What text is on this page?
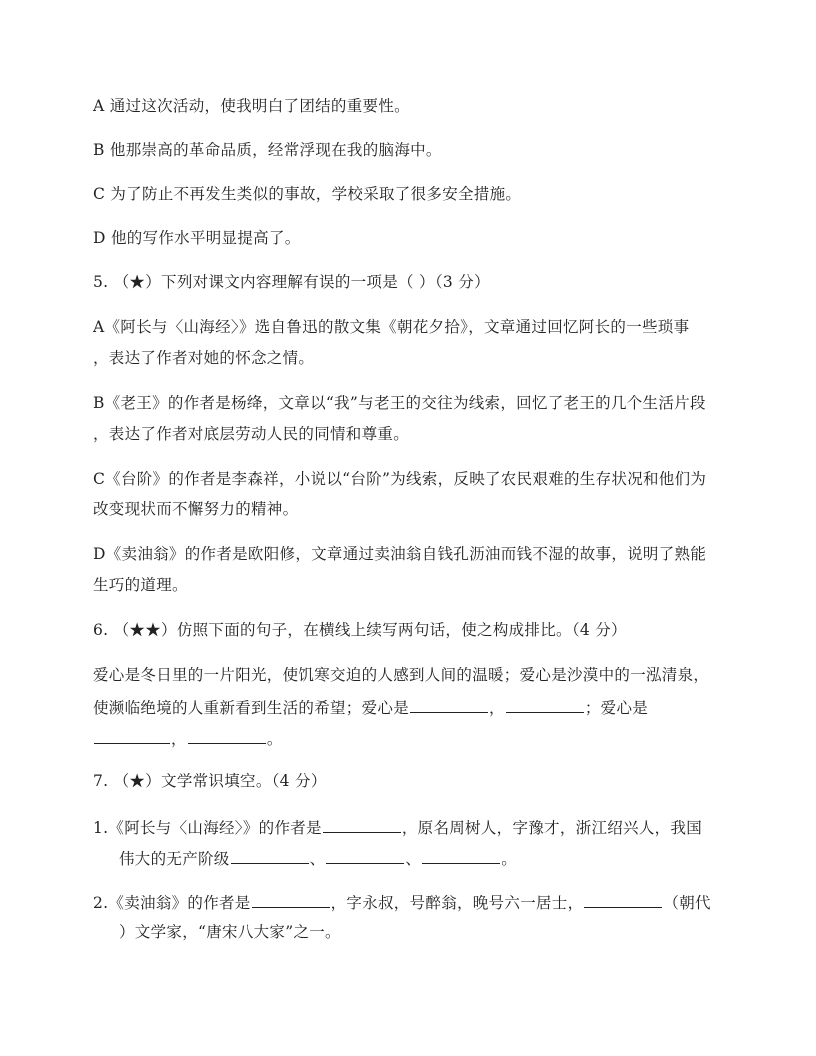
A 通过这次活动，使我明白了团结的重要性。
B 他那崇高的革命品质，经常浮现在我的脑海中。
C 为了防止不再发生类似的事故，学校采取了很多安全措施。
D 他的写作水平明显提高了。
5. （★）下列对课文内容理解有误的一项是（ ）（3 分）
A《阿长与〈山海经〉》选自鲁迅的散文集《朝花夕拾》，文章通过回忆阿长的一些琐事
，表达了作者对她的怀念之情。
B《老王》的作者是杨绛，文章以“我”与老王的交往为线索，回忆了老王的几个生活片段
，表达了作者对底层劳动人民的同情和尊重。
C《台阶》的作者是李森祥，小说以“台阶”为线索，反映了农民艰难的生存状况和他们为
改变现状而不懈努力的精神。
D《卖油翁》的作者是欧阳修，文章通过卖油翁自钱孔沥油而钱不湿的故事，说明了熟能
生巧的道理。
6. （★★）仿照下面的句子，在横线上续写两句话，使之构成排比。（4 分）
爱心是冬日里的一片阳光，使饥寒交迫的人感到人间的温暖；爱心是沙漠中的一泓清泉，
使濒临绝境的人重新看到生活的希望；爱心是	，	；爱心是
，	。
7. （★）文学常识填空。（4 分）
1.《阿长与〈山海经〉》的作者是	，原名周树人，字豫才，浙江绍兴人，我国
伟大的无产阶级	、	、	。
2.《卖油翁》的作者是	，字永叔，号醉翁，晚号六一居士，	（朝代
）文学家，“唐宋八大家”之一。
